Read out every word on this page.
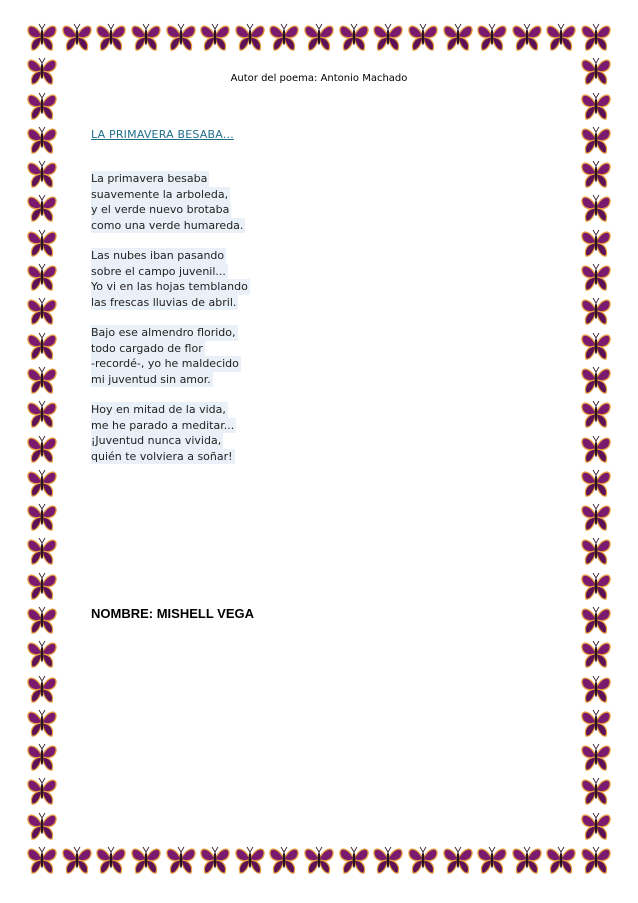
Autor del poema: Antonio Machado
LA PRIMAVERA BESABA...
La primavera besaba
suavemente la arboleda,
y el verde nuevo brotaba
como una verde humareda.
Las nubes iban pasando
sobre el campo juvenil...
Yo vi en las hojas temblando
las frescas lluvias de abril.
Bajo ese almendro florido,
todo cargado de flor
-recordé-, yo he maldecido
mi juventud sin amor.
Hoy en mitad de la vida,
me he parado a meditar...
¡Juventud nunca vivida,
quién te volviera a soñar!
NOMBRE: MISHELL VEGA
